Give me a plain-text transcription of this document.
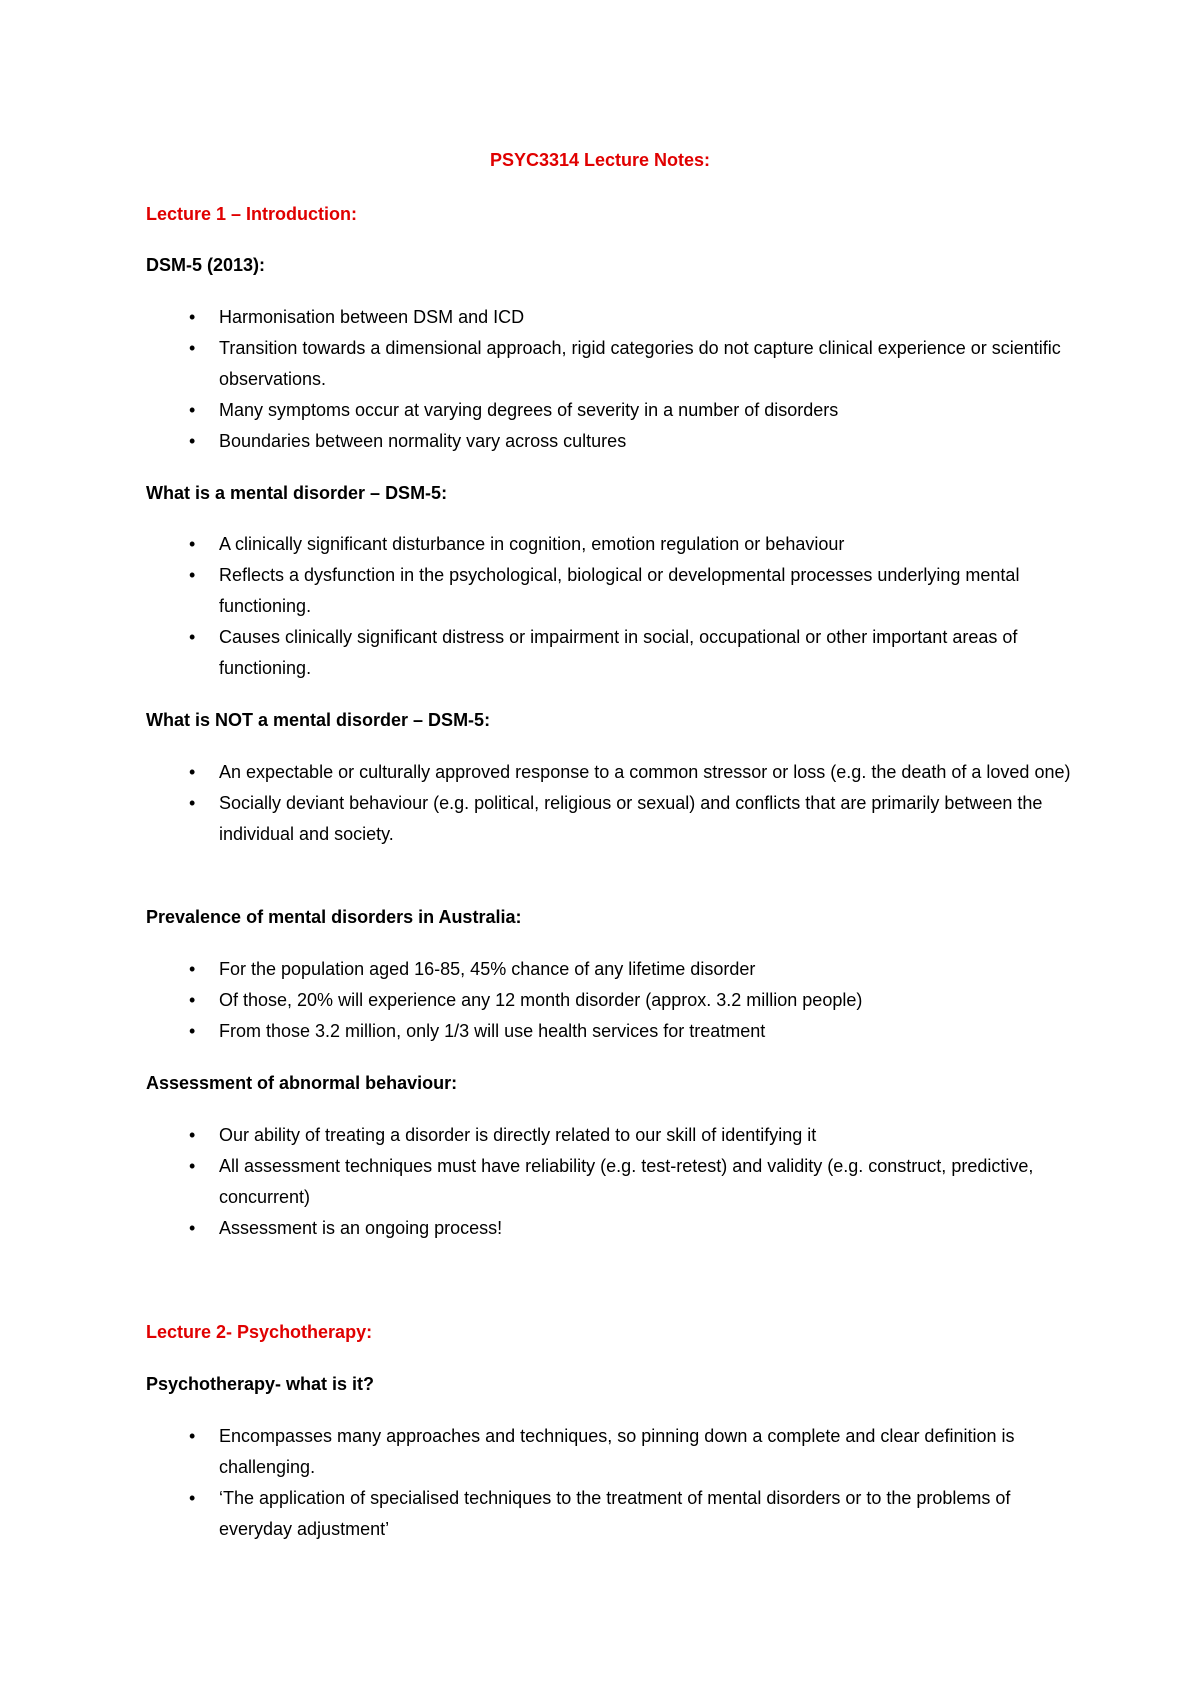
PSYC3314 Lecture Notes:
Lecture 1 – Introduction:
DSM-5 (2013):
• Harmonisation between DSM and ICD
• Transition towards a dimensional approach, rigid categories do not capture clinical experience or scientific observations.
• Many symptoms occur at varying degrees of severity in a number of disorders
• Boundaries between normality vary across cultures
What is a mental disorder – DSM-5:
• A clinically significant disturbance in cognition, emotion regulation or behaviour
• Reflects a dysfunction in the psychological, biological or developmental processes underlying mental functioning.
• Causes clinically significant distress or impairment in social, occupational or other important areas of functioning.
What is NOT a mental disorder – DSM-5:
• An expectable or culturally approved response to a common stressor or loss (e.g. the death of a loved one)
• Socially deviant behaviour (e.g. political, religious or sexual) and conflicts that are primarily between the individual and society.
Prevalence of mental disorders in Australia:
• For the population aged 16-85, 45% chance of any lifetime disorder
• Of those, 20% will experience any 12 month disorder (approx. 3.2 million people)
• From those 3.2 million, only 1/3 will use health services for treatment
Assessment of abnormal behaviour:
• Our ability of treating a disorder is directly related to our skill of identifying it
• All assessment techniques must have reliability (e.g. test-retest) and validity (e.g. construct, predictive, concurrent)
• Assessment is an ongoing process!
Lecture 2- Psychotherapy:
Psychotherapy- what is it?
• Encompasses many approaches and techniques, so pinning down a complete and clear definition is challenging.
• ‘The application of specialised techniques to the treatment of mental disorders or to the problems of everyday adjustment’
